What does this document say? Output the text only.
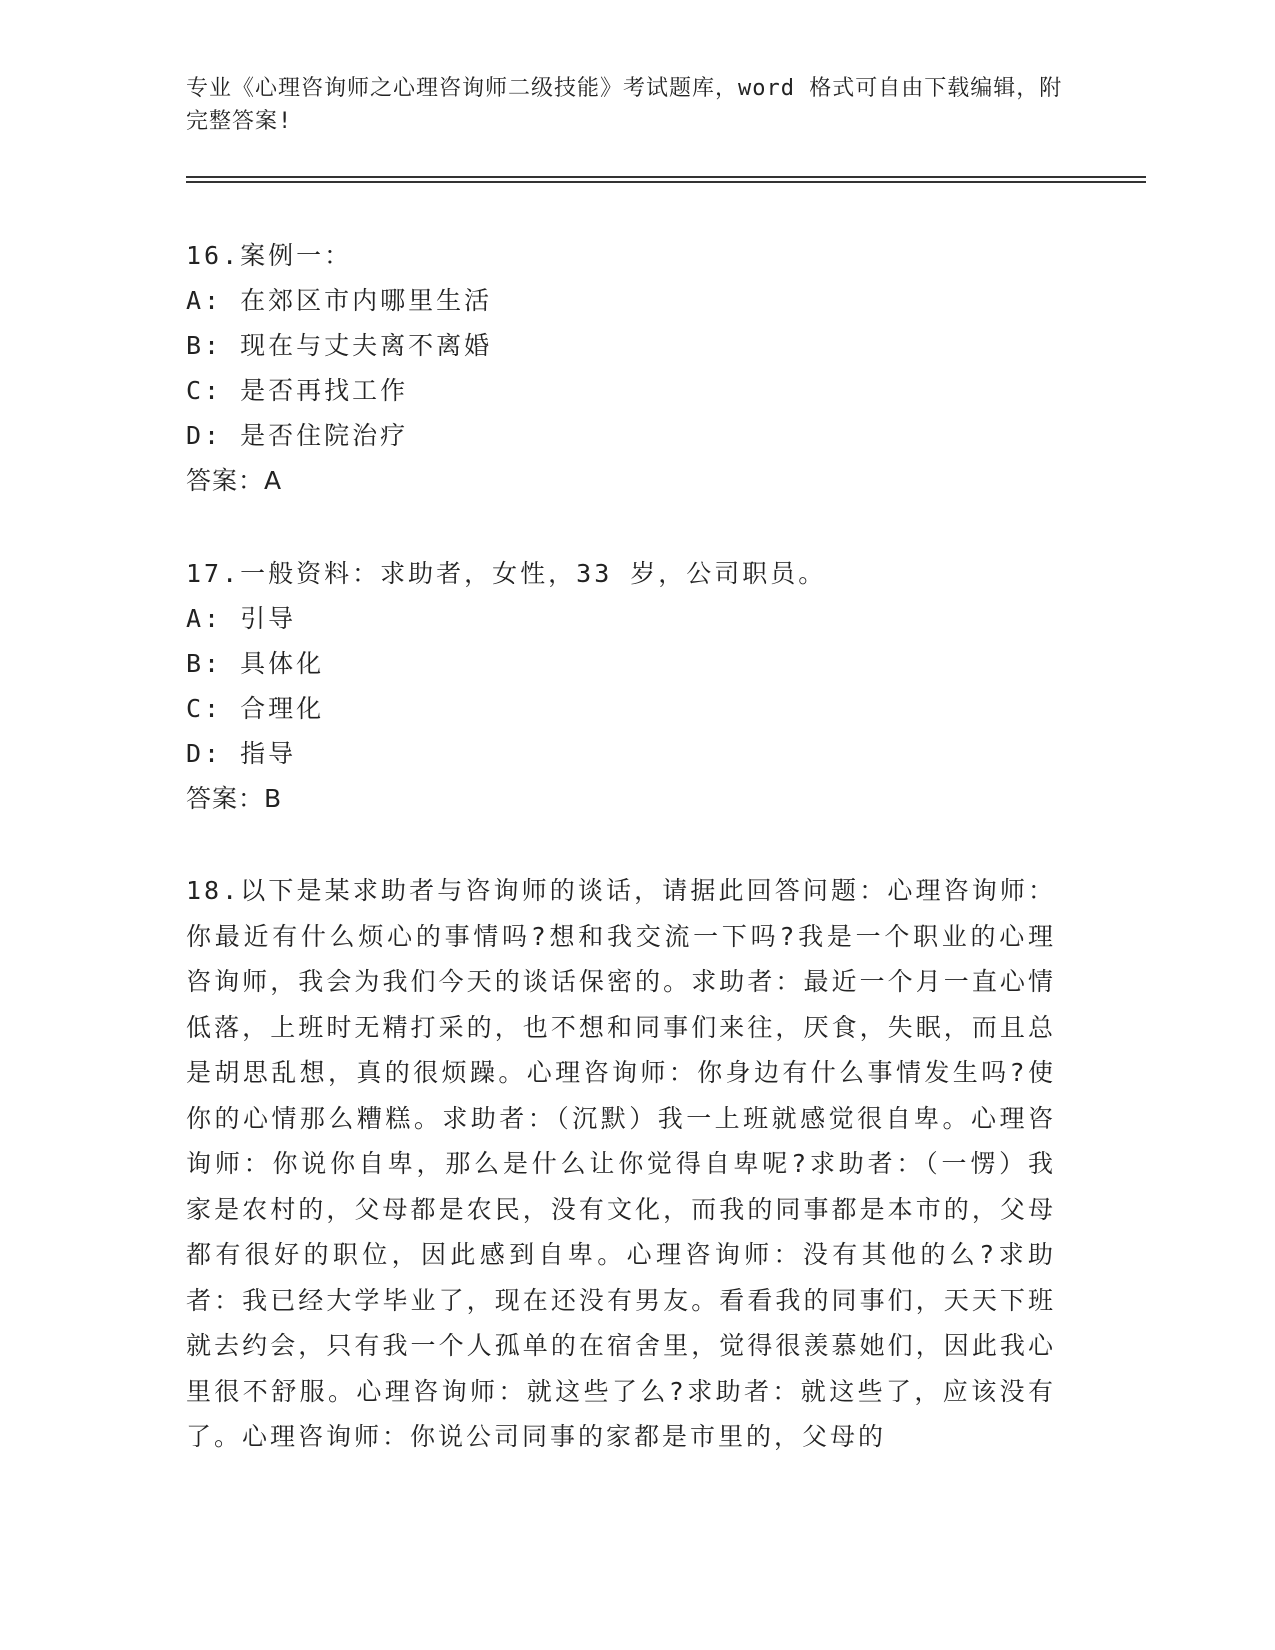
专业《心理咨询师之心理咨询师二级技能》考试题库，word 格式可自由下载编辑，附完整答案!
16.案例一：
A: 在郊区市内哪里生活
B: 现在与丈夫离不离婚
C: 是否再找工作
D: 是否住院治疗
答案：A
17.一般资料：求助者，女性，33 岁，公司职员。
A: 引导
B: 具体化
C: 合理化
D: 指导
答案：B
18.以下是某求助者与咨询师的谈话，请据此回答问题：心理咨询师：你最近有什么烦心的事情吗?想和我交流一下吗?我是一个职业的心理咨询师，我会为我们今天的谈话保密的。求助者：最近一个月一直心情低落，上班时无精打采的，也不想和同事们来往，厌食，失眠，而且总是胡思乱想，真的很烦躁。心理咨询师：你身边有什么事情发生吗?使你的心情那么糟糕。求助者：（沉默）我一上班就感觉很自卑。心理咨询师：你说你自卑，那么是什么让你觉得自卑呢?求助者：（一愣）我家是农村的，父母都是农民，没有文化，而我的同事都是本市的，父母都有很好的职位，因此感到自卑。心理咨询师：没有其他的么?求助者：我已经大学毕业了，现在还没有男友。看看我的同事们，天天下班就去约会，只有我一个人孤单的在宿舍里，觉得很羡慕她们，因此我心里很不舒服。心理咨询师：就这些了么?求助者：就这些了，应该没有了。心理咨询师：你说公司同事的家都是市里的，父母的
